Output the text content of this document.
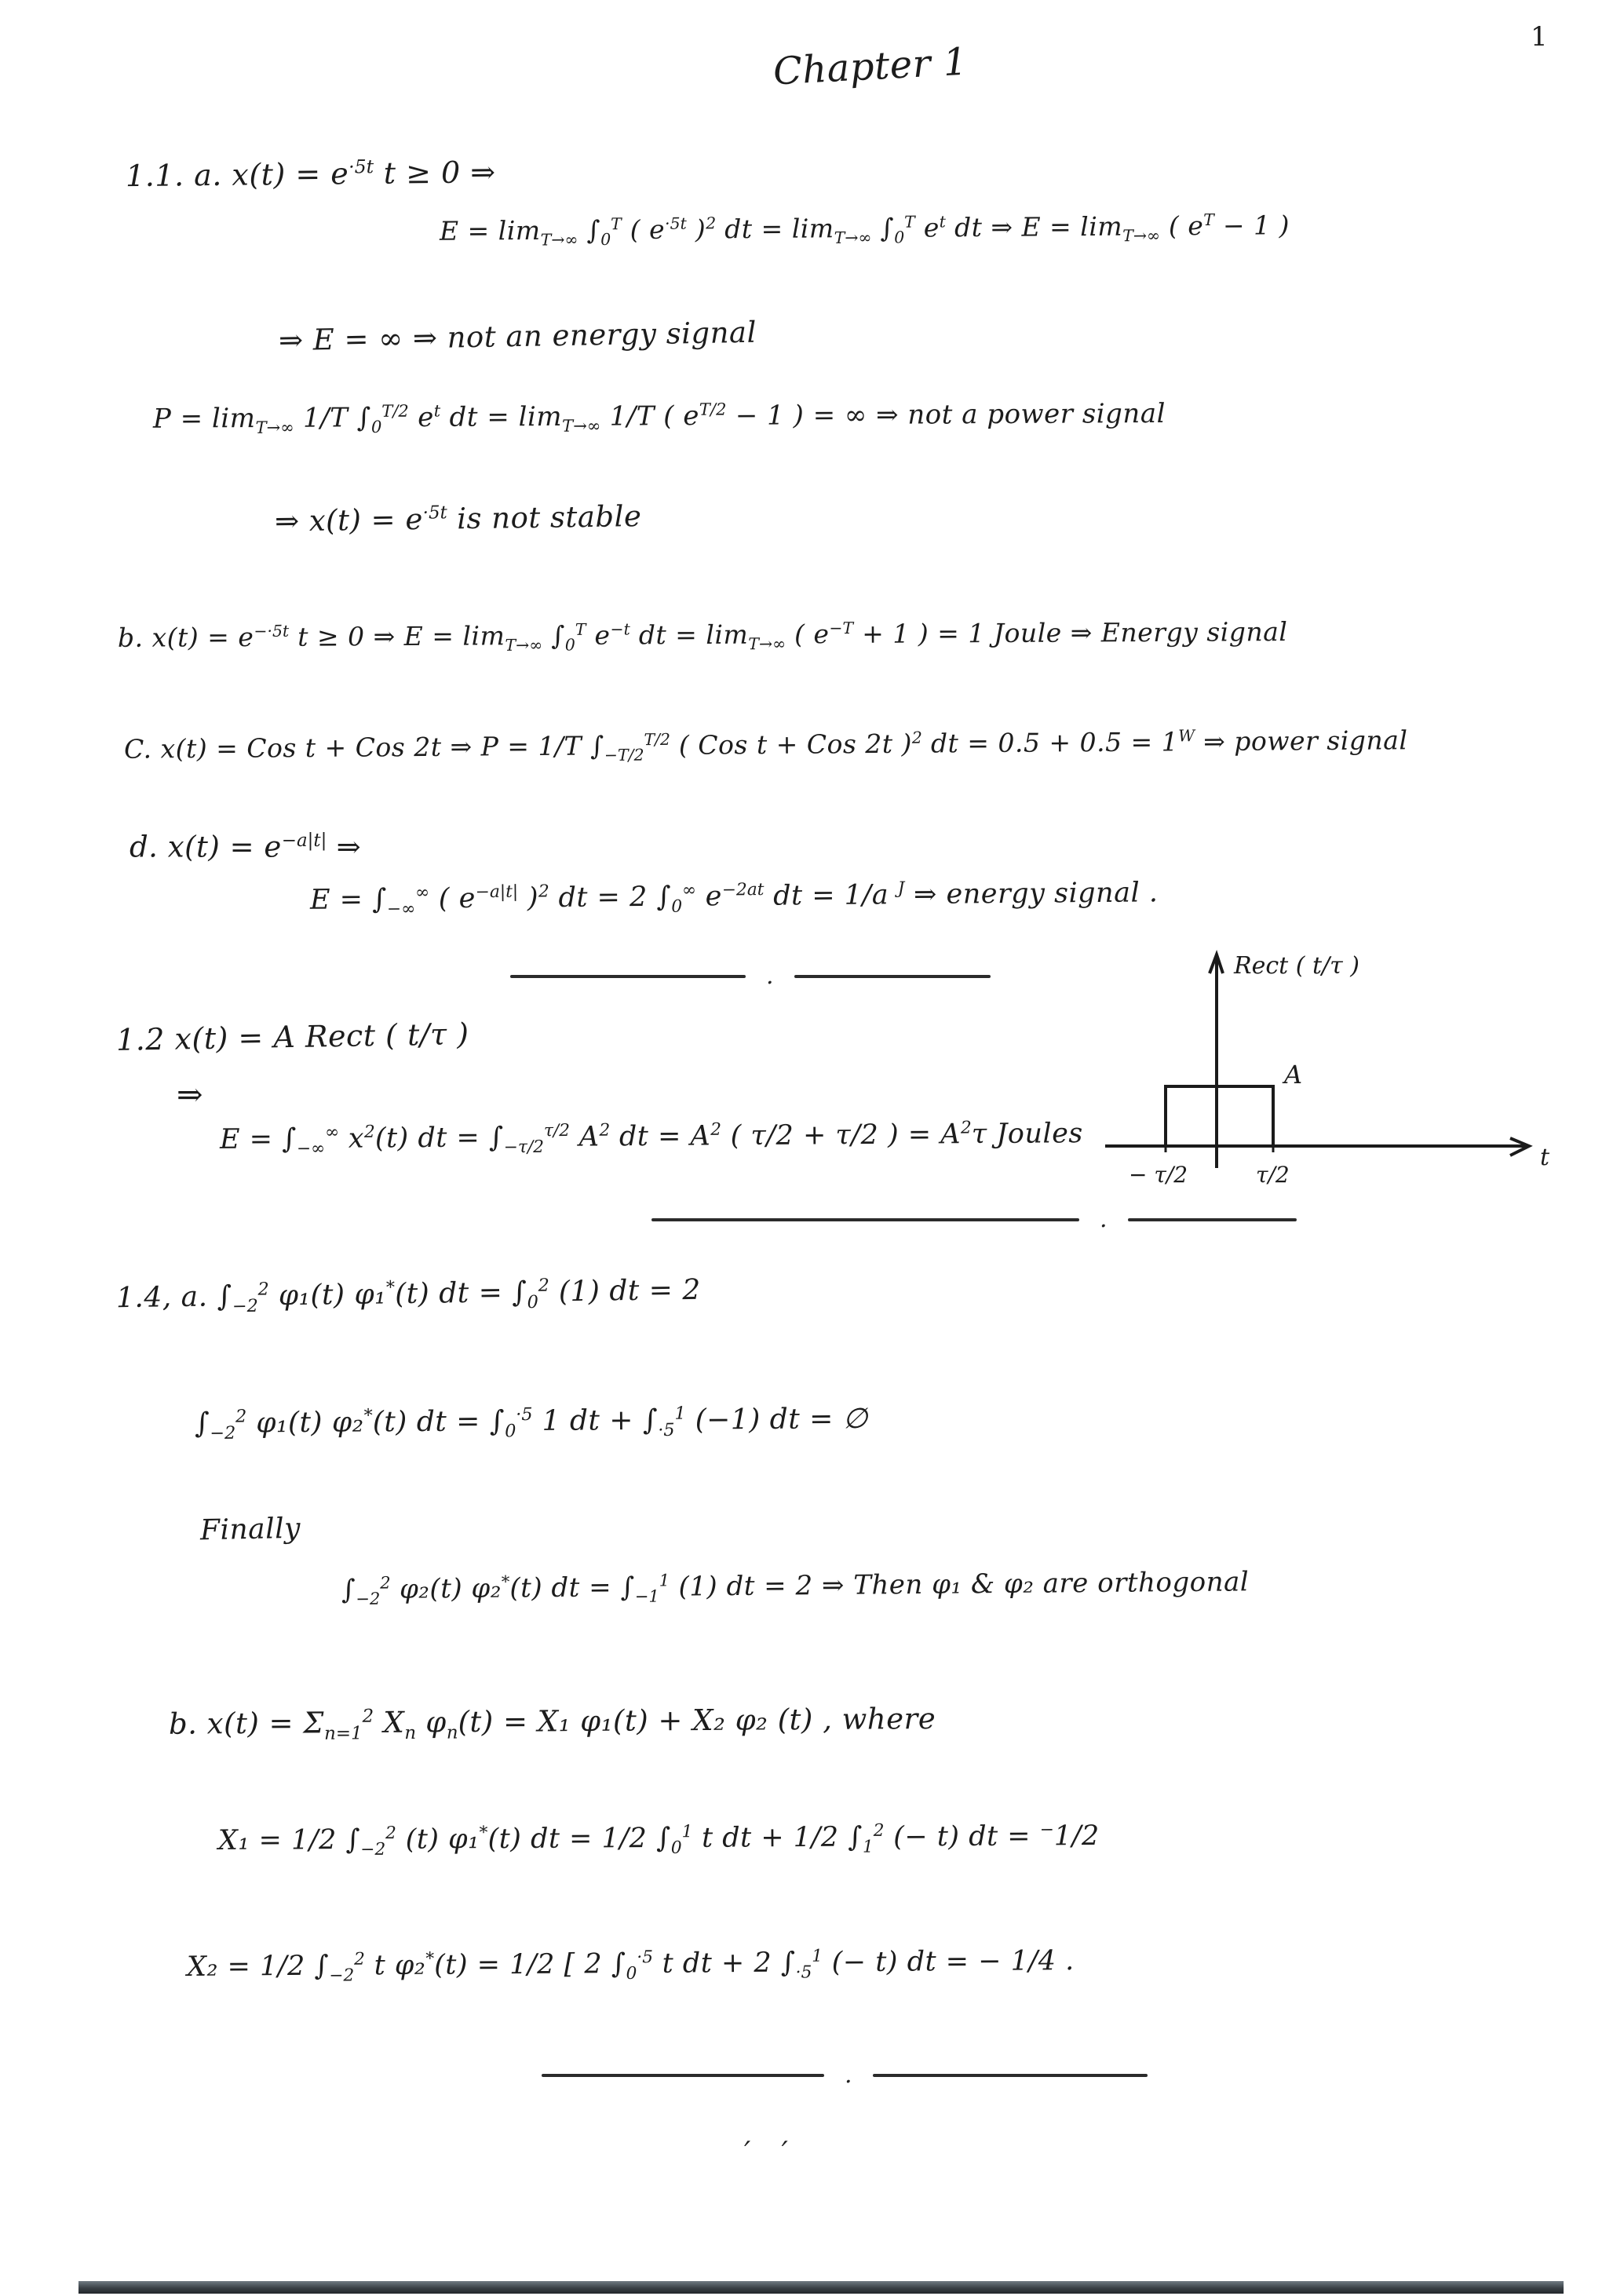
1
Chapter 1
1.1. a. $x(t) = e^{\cdot 5t}$ t ≥ 0 ⇒
$E = \lim_{T\to\infty} \int_0^T$ ( $e^{\cdot 5t}$ )$^2$ dt = $\lim_{T\to\infty} \int_0^T$ $e^t$ dt ⇒ $E = \lim_{T\to\infty}$ ( $e^T - 1$ )
⇒ E = ∞ ⇒ not an energy signal
$P = \lim_{T\to\infty} 1/T$ $\int_0^{T/2}$ $e^t$ dt = $\lim_{T\to\infty} 1/T$ ( $e^{T/2} - 1$ ) = ∞ ⇒ not a power signal
⇒ $x(t) = e^{\cdot 5t}$ is not stable
b. $x(t) = e^{-\cdot 5t}$ t ≥ 0 ⇒ $E = \lim_{T\to\infty} \int_0^T$ $e^{-t}$ dt = $\lim_{T\to\infty}$ ( $e^{-T} + 1$ ) = 1 Joule ⇒ Energy signal
C. x(t) = Cos t + Cos 2t ⇒ P = 1/T $\int_{-T/2}^{T/2}$ ( Cos t + Cos 2t )$^2$ dt = $0.5 + 0.5 = 1^W$ ⇒ power signal
d. $x(t) = e^{-a|t|}$ ⇒
$E = \int_{-\infty}^\infty$ ( $e^{-a|t|}$ )$^2$ dt = 2 $\int_0^\infty$ $e^{-2at}$ dt = 1/a $^J$ ⇒ energy signal .
.
1.2 x(t) = A Rect ( t/τ )
⇒
$E = \int_{-\infty}^\infty$ $x^2(t)$ dt = $\int_{-\tau/2}^{\tau/2}$ $A^2$ dt = $A^2$ ( τ/2 + τ/2 ) = $A^2\tau$ Joules
Rect ( t/τ )
A
− τ/2	τ/2
t
.
1.4, a. $\int_{-2}^2$ φ₁(t) φ₁*(t) dt = $\int_0^2$ (1) dt = 2
$\int_{-2}^2$ φ₁(t) φ₂*(t) dt = $\int_0^{\cdot 5}$ 1 dt + $\int_{\cdot 5}^1$ (−1) dt = ∅
Finally
$\int_{-2}^2$ φ₂(t) φ₂*(t) dt = $\int_{-1}^1$ (1) dt = 2 ⇒ Then φ₁ & φ₂ are orthogonal
b. $x(t) = \Sigma_{n=1}^2$ $X_n$ $\varphi_n(t) = X_1$ φ₁(t) + X₂ φ₂ (t) , where
X₁ = 1/2 $\int_{-2}^2$ (t) φ₁*(t) dt = 1/2 $\int_0^1$ t dt + 1/2 $\int_1^2$ (− t) dt = −1/2
X₂ = 1/2 $\int_{-2}^2$ t φ₂*(t) = 1/2 [ 2 $\int_0^{\cdot 5}$ t dt + 2 $\int_{\cdot 5}^1$ (− t) dt = − 1/4 .
.
′ ′
